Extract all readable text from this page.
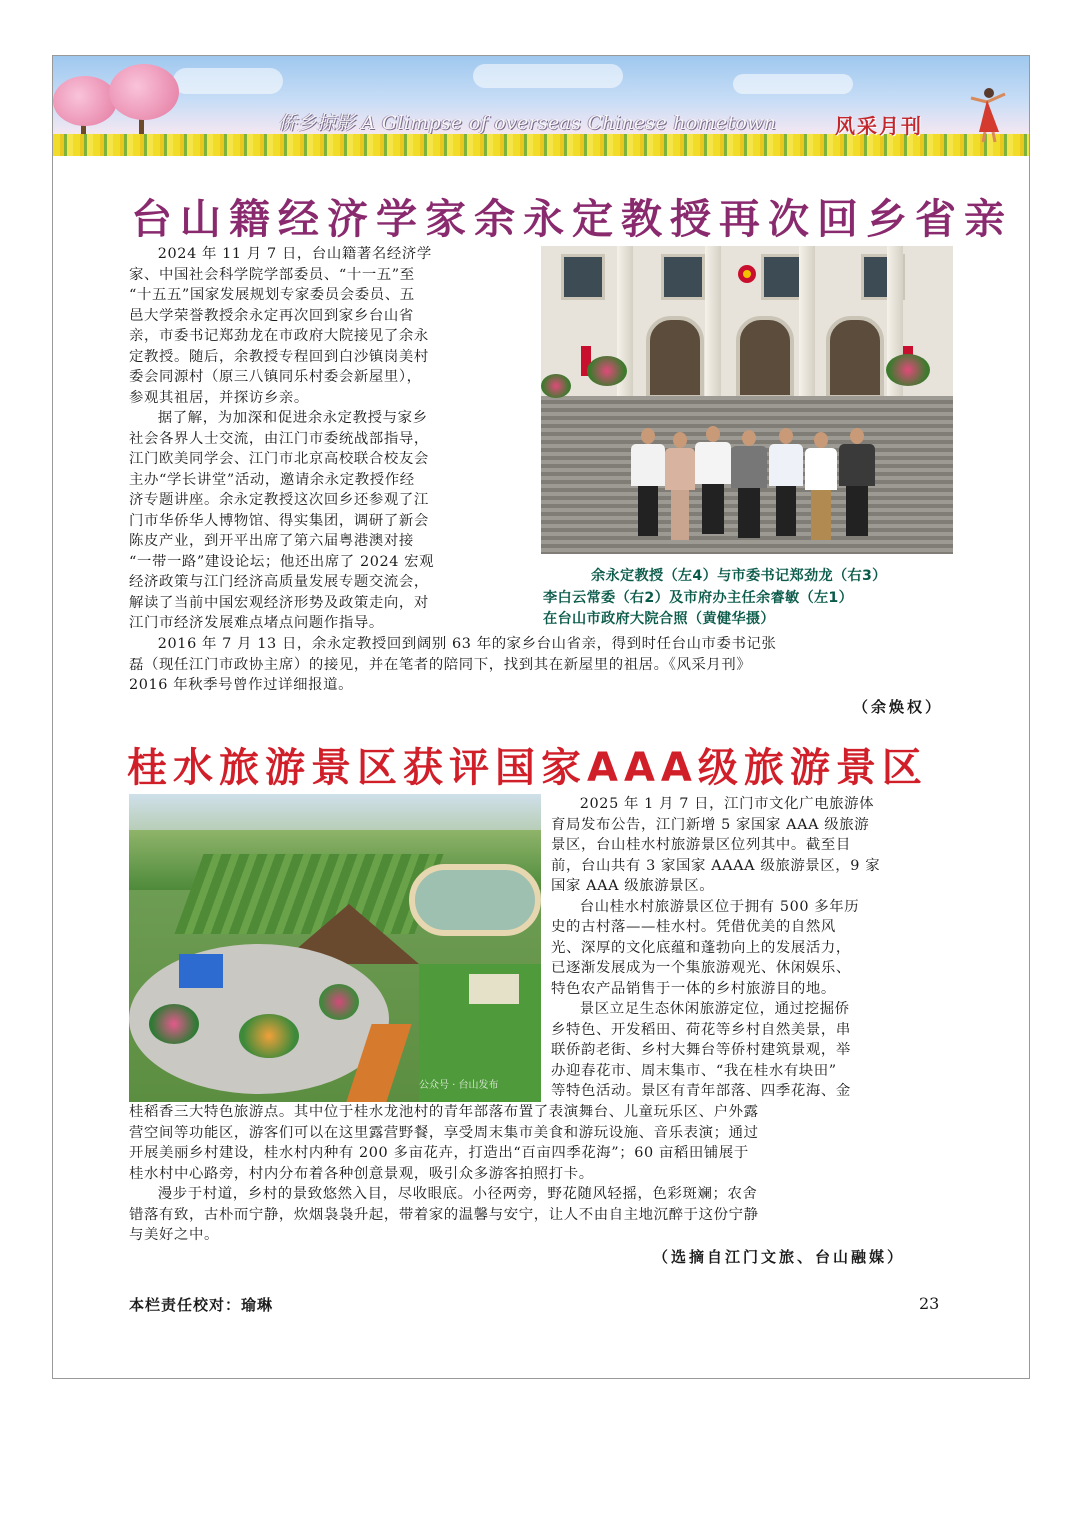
侨乡掠影 A Glimpse of overseas Chinese hometown	风采月刊
台山籍经济学家余永定教授再次回乡省亲

2024 年 11 月 7 日，台山籍著名经济学

家、中国社会科学院学部委员、“十一五”至
“十五五”国家发展规划专家委员会委员、五
邑大学荣誉教授余永定再次回到家乡台山省
亲，市委书记郑劲龙在市政府大院接见了余永
定教授。随后，余教授专程回到白沙镇岗美村
委会同源村（原三八镇同乐村委会新屋里），
参观其祖居，并探访乡亲。

据了解，为加深和促进余永定教授与家乡

社会各界人士交流，由江门市委统战部指导，
江门欧美同学会、江门市北京高校联合校友会
主办“学长讲堂”活动，邀请余永定教授作经
济专题讲座。余永定教授这次回乡还参观了江
门市华侨华人博物馆、得实集团，调研了新会
陈皮产业，到开平出席了第六届粤港澳对接
“一带一路”建设论坛；他还出席了 2024 宏观
经济政策与江门经济高质量发展专题交流会，
解读了当前中国宏观经济形势及政策走向，对
江门市经济发展难点堵点问题作指导。
余永定教授（左4）与市委书记郑劲龙（右3）
李白云常委（右2）及市府办主任余睿敏（左1）
在台山市政府大院合照（黄健华摄）

2016 年 7 月 13 日，余永定教授回到阔别 63 年的家乡台山省亲，得到时任台山市委书记张

磊（现任江门市政协主席）的接见，并在笔者的陪同下，找到其在新屋里的祖居。《风采月刊》
2016 年秋季号曾作过详细报道。
（余焕权）
桂水旅游景区获评国家AAA级旅游景区
公众号 · 台山发布

2025 年 1 月 7 日，江门市文化广电旅游体

育局发布公告，江门新增 5 家国家 AAA 级旅游
景区，台山桂水村旅游景区位列其中。截至目
前，台山共有 3 家国家 AAAA 级旅游景区，9 家
国家 AAA 级旅游景区。

台山桂水村旅游景区位于拥有 500 多年历

史的古村落——桂水村。凭借优美的自然风
光、深厚的文化底蕴和蓬勃向上的发展活力，
已逐渐发展成为一个集旅游观光、休闲娱乐、
特色农产品销售于一体的乡村旅游目的地。

景区立足生态休闲旅游定位，通过挖掘侨

乡特色、开发稻田、荷花等乡村自然美景，串
联侨韵老街、乡村大舞台等侨村建筑景观，举
办迎春花市、周末集市、“我在桂水有块田”
等特色活动。景区有青年部落、四季花海、金
桂稻香三大特色旅游点。其中位于桂水龙池村的青年部落布置了表演舞台、儿童玩乐区、户外露
营空间等功能区，游客们可以在这里露营野餐，享受周末集市美食和游玩设施、音乐表演；通过
开展美丽乡村建设，桂水村内种有 200 多亩花卉，打造出“百亩四季花海”；60 亩稻田铺展于
桂水村中心路旁，村内分布着各种创意景观，吸引众多游客拍照打卡。

漫步于村道，乡村的景致悠然入目，尽收眼底。小径两旁，野花随风轻摇，色彩斑斓；农舍

错落有致，古朴而宁静，炊烟袅袅升起，带着家的温馨与安宁，让人不由自主地沉醉于这份宁静
与美好之中。
（选摘自江门文旅、台山融媒）
本栏责任校对：瑜琳	23
